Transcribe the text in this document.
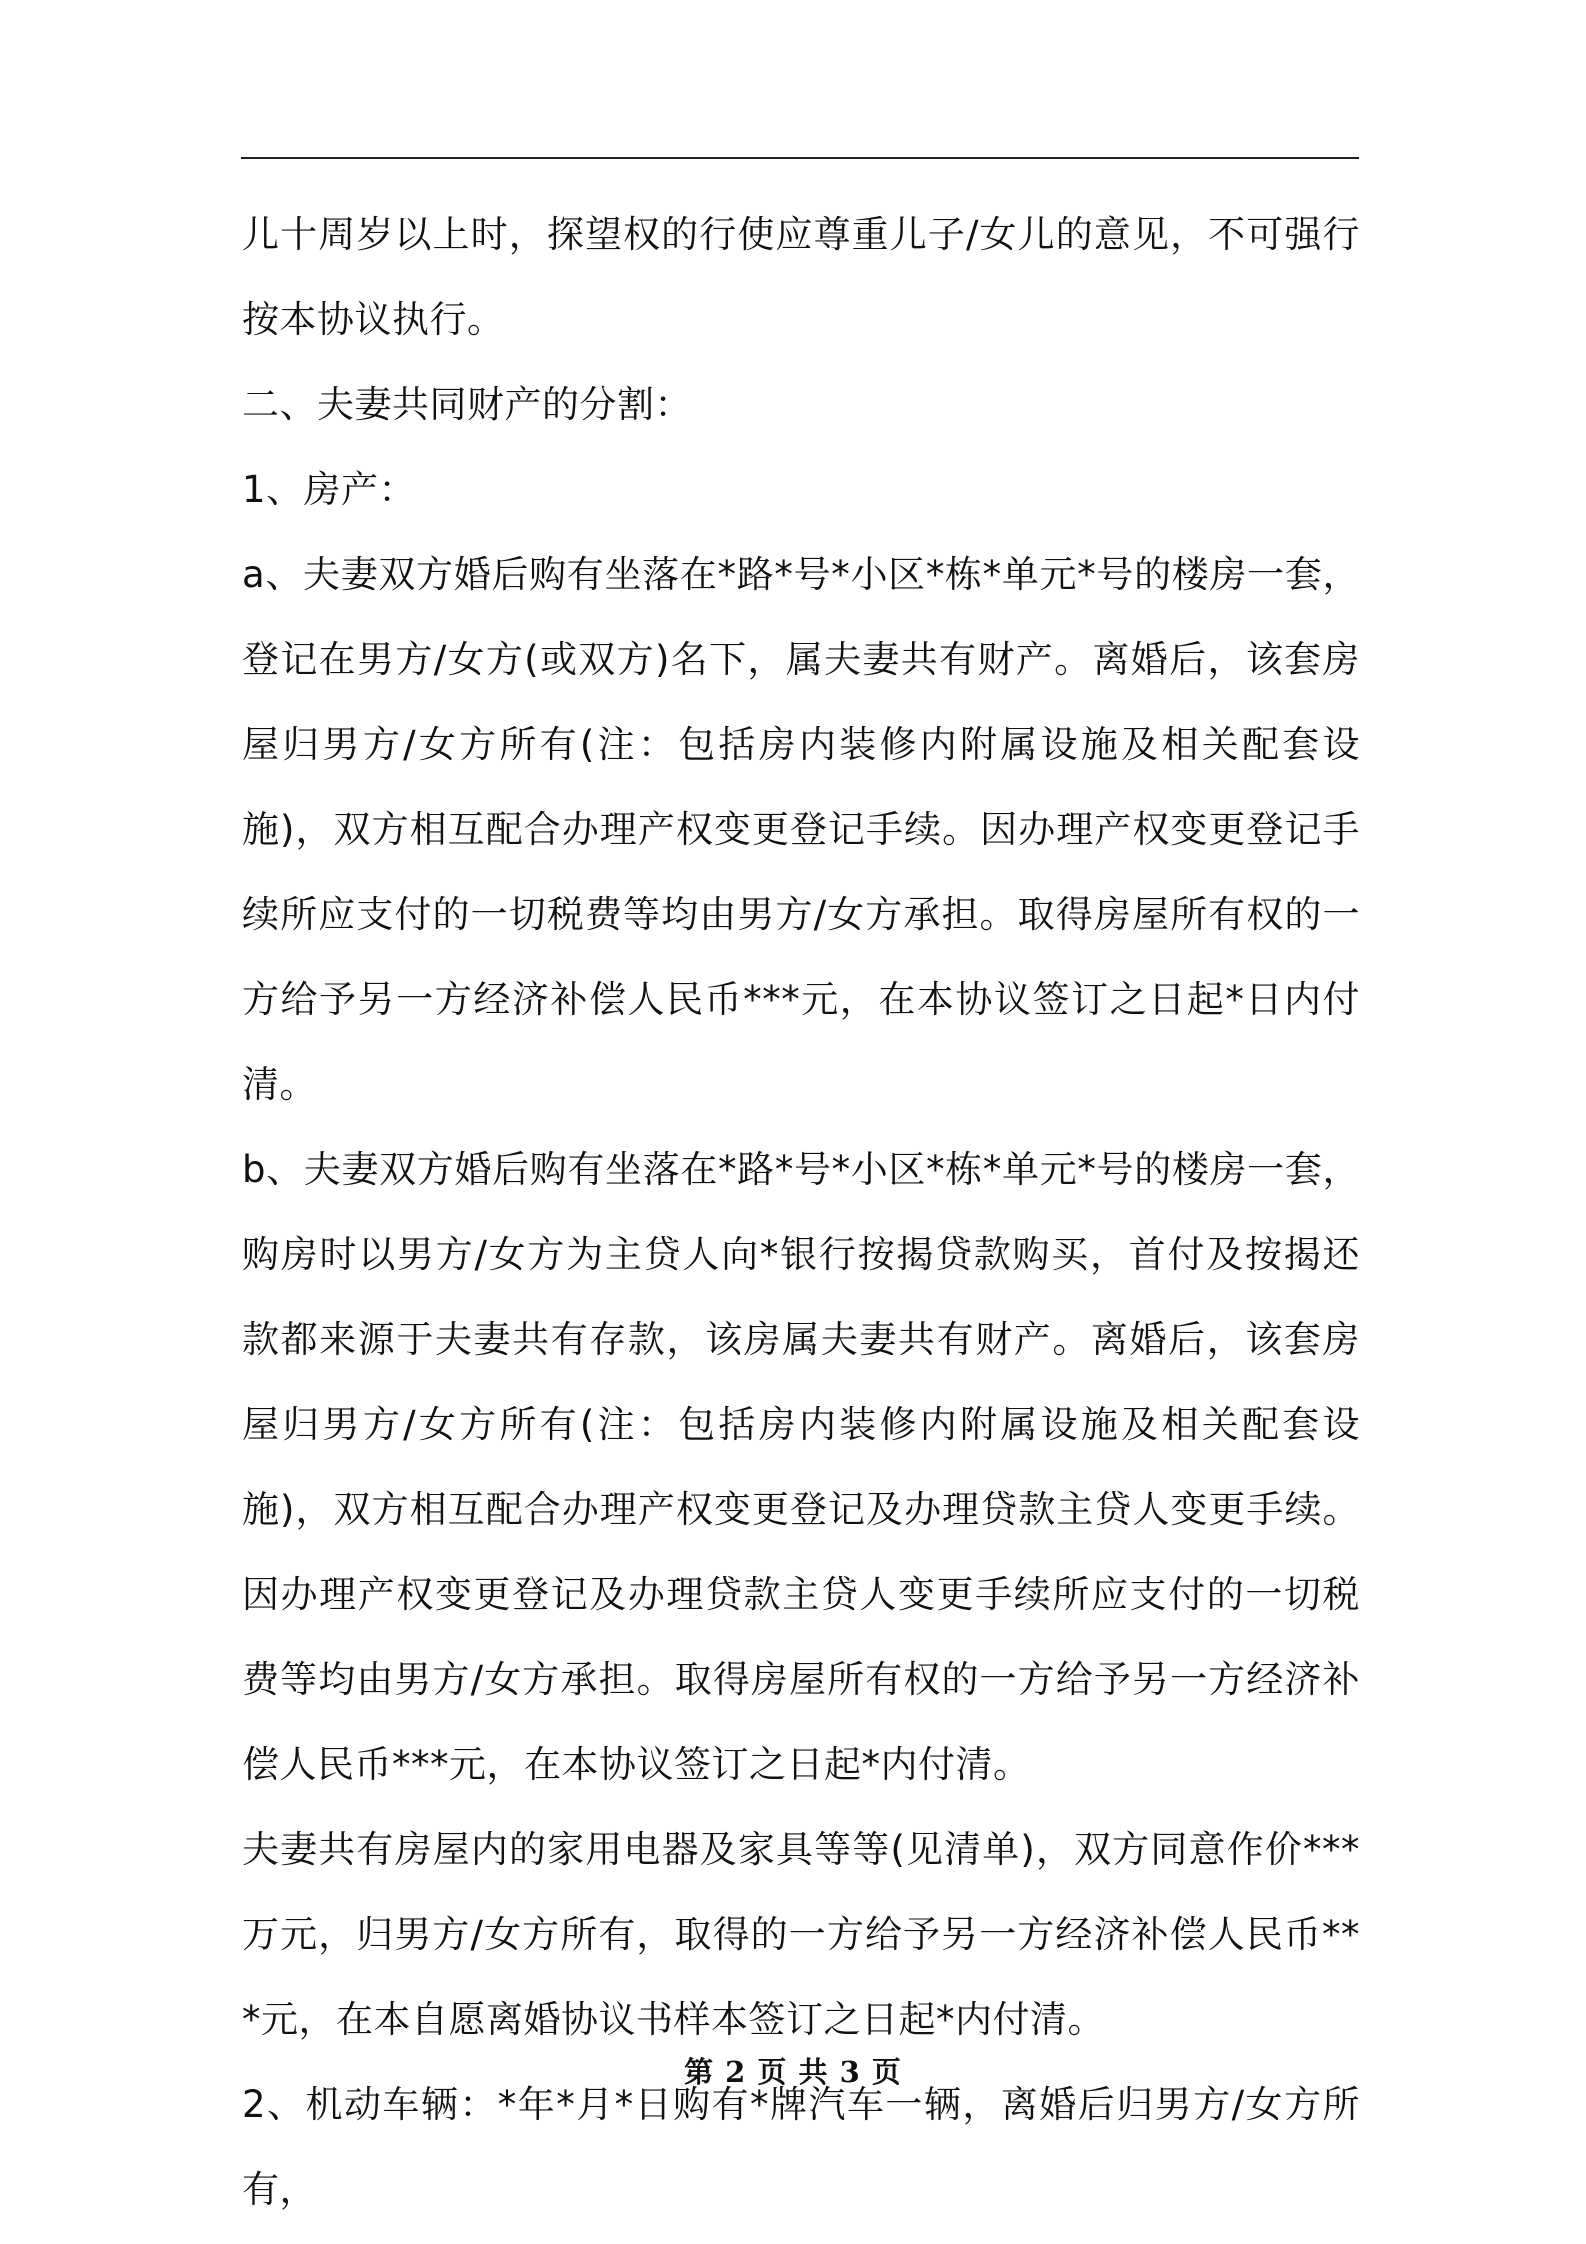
儿十周岁以上时，探望权的行使应尊重儿子/女儿的意见，不可强行按本协议执行。

二、夫妻共同财产的分割：

1、房产：

a、夫妻双方婚后购有坐落在*路*号*小区*栋*单元*号的楼房一套，登记在男方/女方(或双方)名下，属夫妻共有财产。离婚后，该套房屋归男方/女方所有(注：包括房内装修内附属设施及相关配套设施)，双方相互配合办理产权变更登记手续。因办理产权变更登记手续所应支付的一切税费等均由男方/女方承担。取得房屋所有权的一方给予另一方经济补偿人民币***元，在本协议签订之日起*日内付清。

b、夫妻双方婚后购有坐落在*路*号*小区*栋*单元*号的楼房一套，购房时以男方/女方为主贷人向*银行按揭贷款购买，首付及按揭还款都来源于夫妻共有存款，该房属夫妻共有财产。离婚后，该套房屋归男方/女方所有(注：包括房内装修内附属设施及相关配套设施)，双方相互配合办理产权变更登记及办理贷款主贷人变更手续。因办理产权变更登记及办理贷款主贷人变更手续所应支付的一切税费等均由男方/女方承担。取得房屋所有权的一方给予另一方经济补偿人民币***元，在本协议签订之日起*内付清。

夫妻共有房屋内的家用电器及家具等等(见清单)，双方同意作价***万元，归男方/女方所有，取得的一方给予另一方经济补偿人民币***元，在本自愿离婚协议书样本签订之日起*内付清。

2、机动车辆：*年*月*日购有*牌汽车一辆，离婚后归男方/女方所有，

第 2 页 共 3 页
